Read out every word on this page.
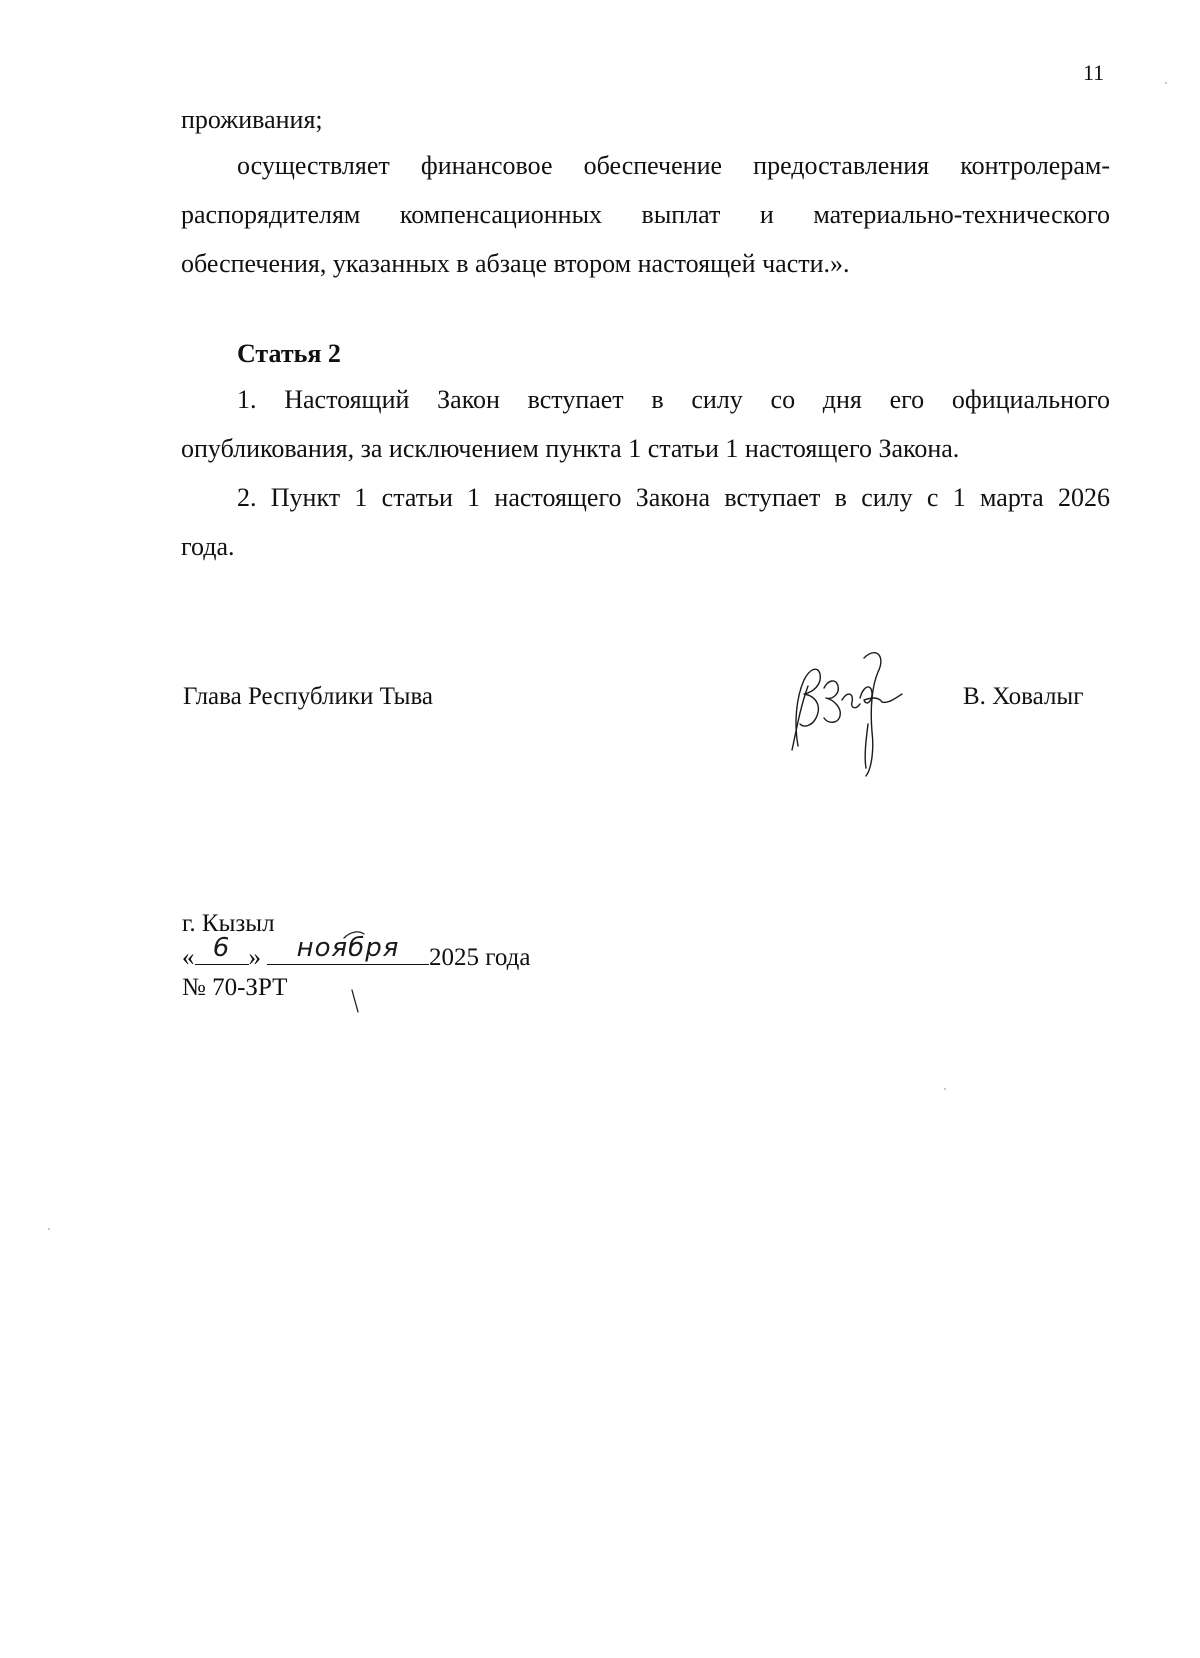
11
проживания;
осуществляет финансовое обеспечение предоставления контролерам-
распорядителям компенсационных выплат и материально-технического
обеспечения, указанных в абзаце втором настоящей части.».
Статья 2
1. Настоящий Закон вступает в силу со дня его официального
опубликования, за исключением пункта 1 статьи 1 настоящего Закона.
2. Пункт 1 статьи 1 настоящего Закона вступает в силу с 1 марта 2026
года.
Глава Республики Тыва	В. Ховалыг
г. Кызыл
« 6 »	ноября	2025 года
№ 70-ЗРТ
